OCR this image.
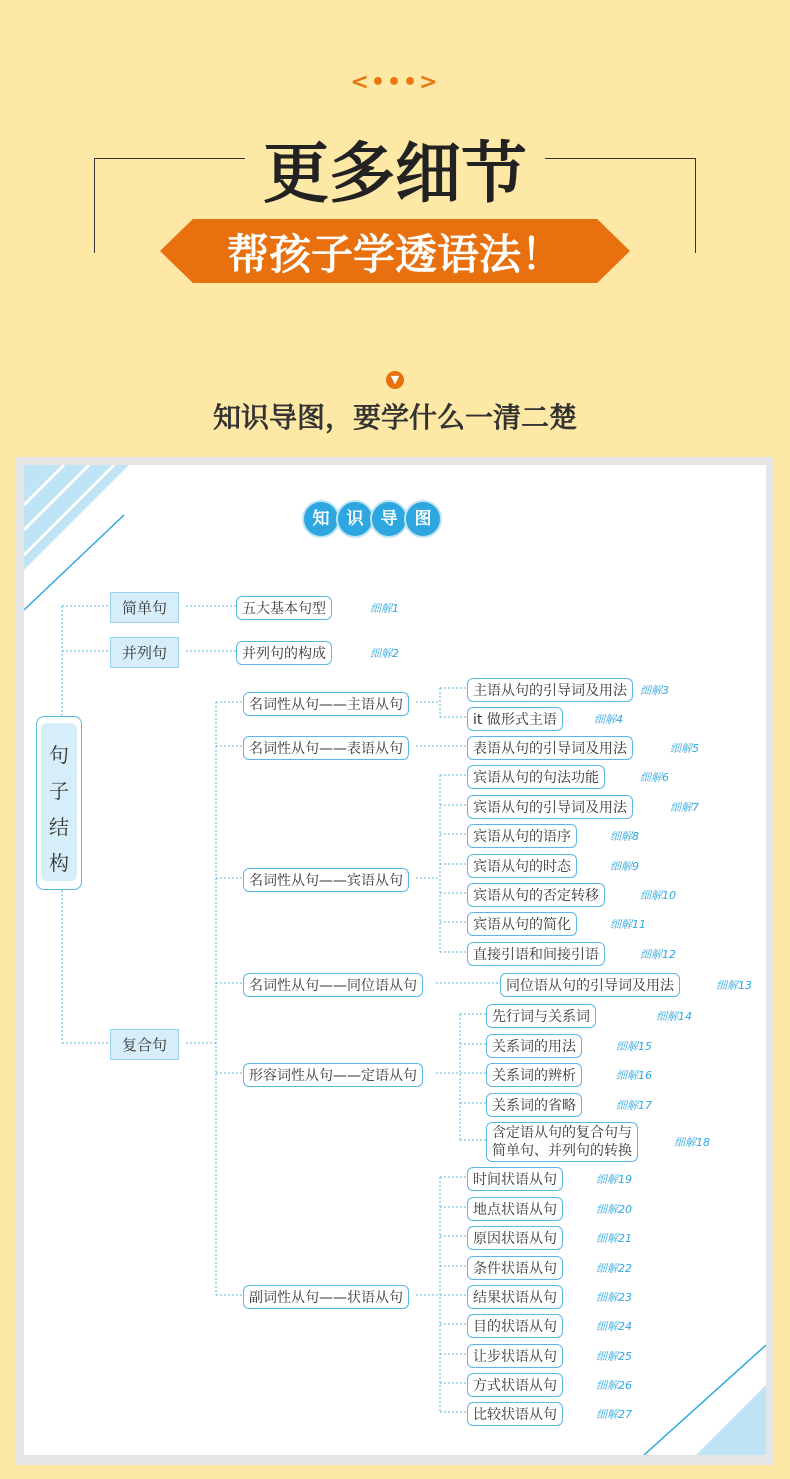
<•••>
更多细节
帮孩子学透语法！
▼
知识导图，要学什么一清二楚
知	识	导	图
句
子
结
构
简单句
并列句
复合句
五大基本句型	细解1
并列句的构成	细解2
名词性从句——主语从句
名词性从句——表语从句
名词性从句——宾语从句
名词性从句——同位语从句
形容词性从句——定语从句
副词性从句——状语从句
主语从句的引导词及用法	细解3
it 做形式主语	细解4
表语从句的引导词及用法	细解5
宾语从句的句法功能	细解6
宾语从句的引导词及用法	细解7
宾语从句的语序	细解8
宾语从句的时态	细解9
宾语从句的否定转移	细解10
宾语从句的简化	细解11
直接引语和间接引语	细解12
同位语从句的引导词及用法	细解13
先行词与关系词	细解14
关系词的用法	细解15
关系词的辨析	细解16
关系词的省略	细解17
含定语从句的复合句与
简单句、并列句的转换
细解18
时间状语从句	细解19
地点状语从句	细解20
原因状语从句	细解21
条件状语从句	细解22
结果状语从句	细解23
目的状语从句	细解24
让步状语从句	细解25
方式状语从句	细解26
比较状语从句	细解27
